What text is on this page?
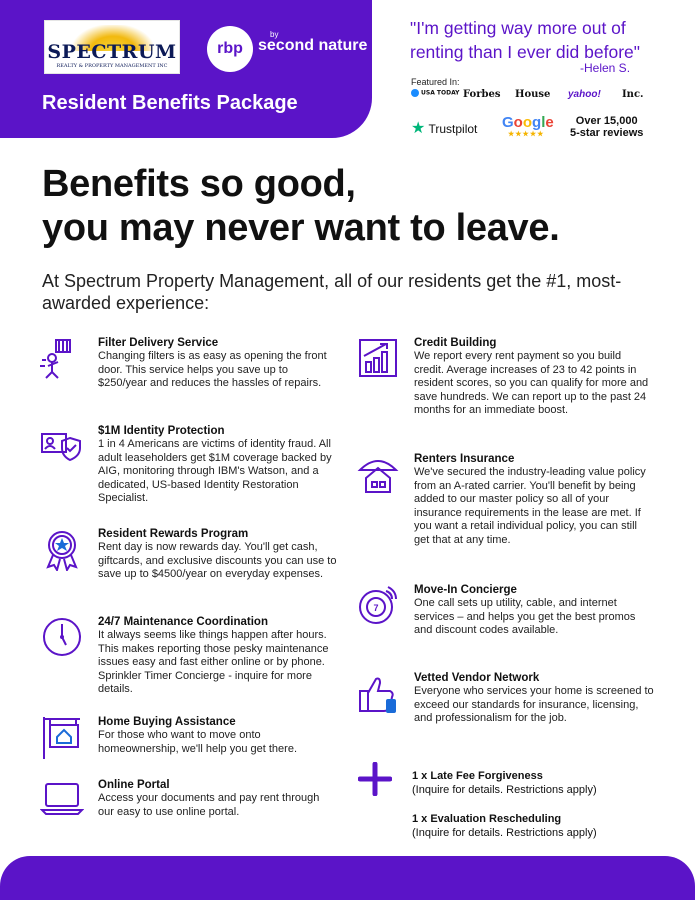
SPECTRUM
REALTY & PROPERTY MANAGEMENT INC
rbp
by
second nature
Resident Benefits Package
"I'm getting way more out of renting than I ever did before"
-Helen S.
Featured In:
USA TODAY Forbes House yahoo! Inc.
★ Trustpilot Google
★★★★★
Over 15,000
5-star reviews
Benefits so good,
you may never want to leave.
At Spectrum Property Management, all of our residents get the #1, most-awarded experience:
Filter Delivery Service
Changing filters is as easy as opening the front door. This service helps you save up to $250/year and reduces the hassles of repairs.
$1M Identity Protection
1 in 4 Americans are victims of identity fraud. All adult leaseholders get $1M coverage backed by AIG, monitoring through IBM's Watson, and a dedicated, US-based Identity Restoration Specialist.
Resident Rewards Program
Rent day is now rewards day. You'll get cash, giftcards, and exclusive discounts you can use to save up to $4500/year on everyday expenses.
24/7 Maintenance Coordination
It always seems like things happen after hours. This makes reporting those pesky maintenance issues easy and fast either online or by phone. Sprinkler Timer Concierge - inquire for more details.
Home Buying Assistance
For those who want to move onto homeownership, we'll help you get there.
Online Portal
Access your documents and pay rent through our easy to use online portal.
Credit Building
We report every rent payment so you build credit. Average increases of 23 to 42 points in resident scores, so you can qualify for more and save hundreds. We can report up to the past 24 months for an immediate boost.
Renters Insurance
We've secured the industry-leading value policy from an A-rated carrier. You'll benefit by being added to our master policy so all of your insurance requirements in the lease are met. If you want a retail individual policy, you can still get that at any time.
7
Move-In Concierge
One call sets up utility, cable, and internet services – and helps you get the best promos and discount codes available.
Vetted Vendor Network
Everyone who services your home is screened to exceed our standards for insurance, licensing, and professionalism for the job.
1 x Late Fee Forgiveness
(Inquire for details. Restrictions apply)
1 x Evaluation Rescheduling
(Inquire for details. Restrictions apply)
